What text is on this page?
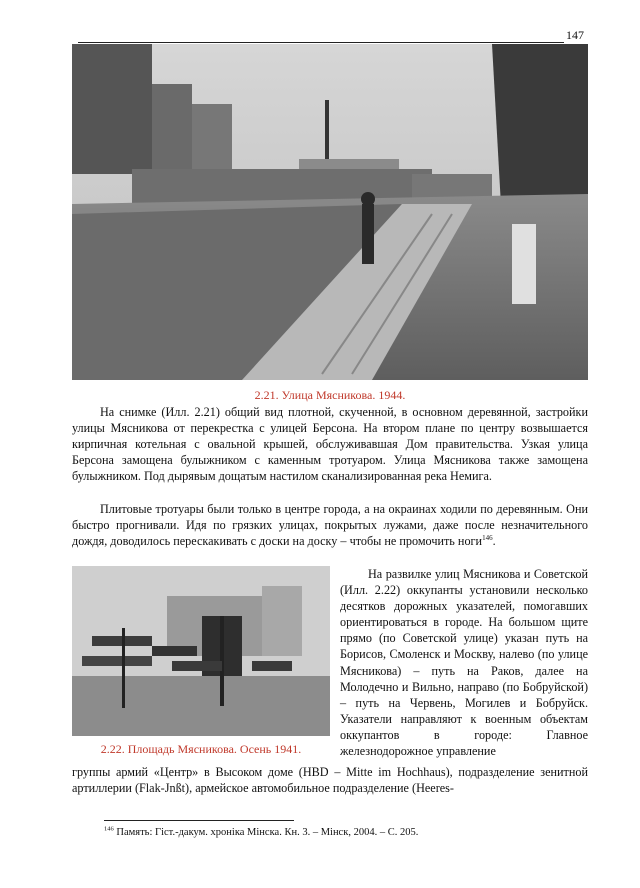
147
2.21. Улица Мясникова. 1944.

На снимке (Илл. 2.21) общий вид плотной, скученной, в основном деревянной, застройки улицы Мясникова от перекрестка с улицей Берсона. На втором плане по центру возвышается кирпичная котельная с овальной крышей, обслуживавшая Дом правительства. Узкая улица Берсона замощена булыжником с каменным тротуаром. Улица Мясникова также замощена булыжником. Под дырявым дощатым настилом сканализированная река Немига.

Плитовые тротуары были только в центре города, а на окраинах ходили по деревянным. Они быстро прогнивали. Идя по грязких улицах, покрытых лужами, даже после незначительного дождя, доводилось перескакивать с доски на доску – чтобы не промочить ноги$^{146}$.

2.22. Площадь Мясникова. Осень 1941.

На развилке улиц Мясникова и Советской (Илл. 2.22) оккупанты установили несколько десятков дорожных указателей, помогавших ориентироваться в городе. На большом щите прямо (по Советской улице) указан путь на Борисов, Смоленск и Москву, налево (по улице Мясникова) – путь на Раков, далее на Молодечно и Вильно, направо (по Бобруйской) – путь на Червень, Могилев и Бобруйск. Указатели направляют к военным объектам оккупантов в городе: Главное железнодорожное управление

группы армий «Центр» в Высоком доме (HBD – Mitte im Hochhaus), подразделение зенитной артиллерии (Flak-Jnßt), армейское автомобильное подразделение (Heeres-

$^{146}$ Память: Гіст.-дакум. хроніка Мінска. Кн. 3. – Мінск, 2004. – С. 205.
